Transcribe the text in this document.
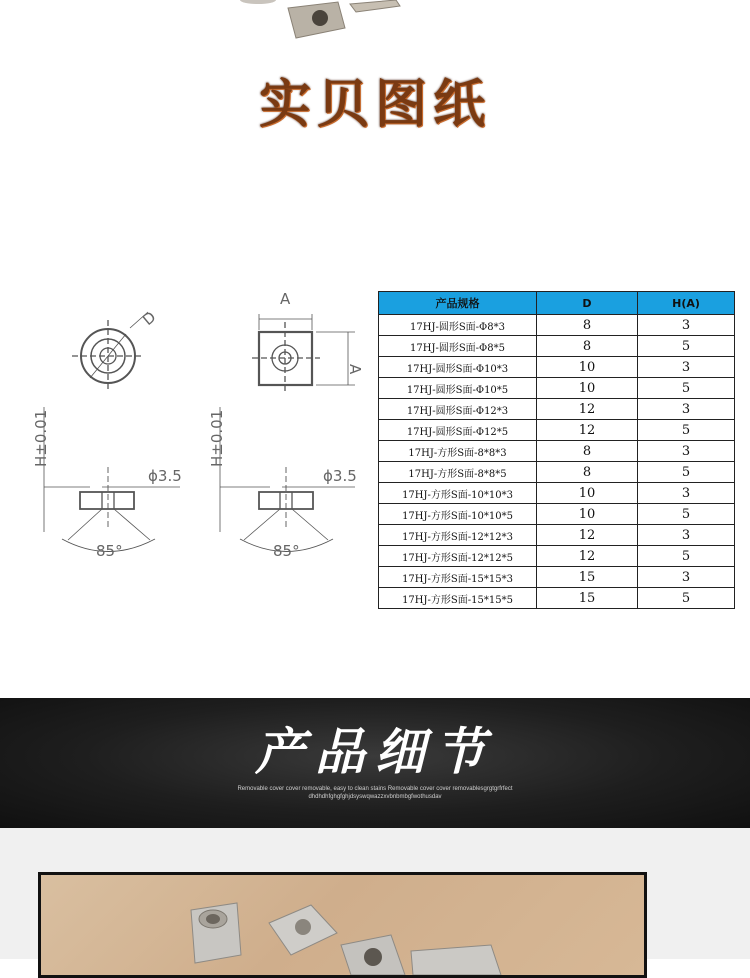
实贝图纸
D
A
A
H±0.01	H±0.01
ϕ3.5	ϕ3.5
85°	85°
产品规格	D	H(A)
17HJ-圆形S面-Φ8*3	8	3
17HJ-圆形S面-Φ8*5	8	5
17HJ-圆形S面-Φ10*3	10	3
17HJ-圆形S面-Φ10*5	10	5
17HJ-圆形S面-Φ12*3	12	3
17HJ-圆形S面-Φ12*5	12	5
17HJ-方形S面-8*8*3	8	3
17HJ-方形S面-8*8*5	8	5
17HJ-方形S面-10*10*3	10	3
17HJ-方形S面-10*10*5	10	5
17HJ-方形S面-12*12*3	12	3
17HJ-方形S面-12*12*5	12	5
17HJ-方形S面-15*15*3	15	3
17HJ-方形S面-15*15*5	15	5
产品细节
Removable cover cover removable, easy to clean stains Removable cover cover removablesgrgtgrfrfect
dhdhdhfghgfghjdsyswqwazzxvbnbmbgfwothusdav
